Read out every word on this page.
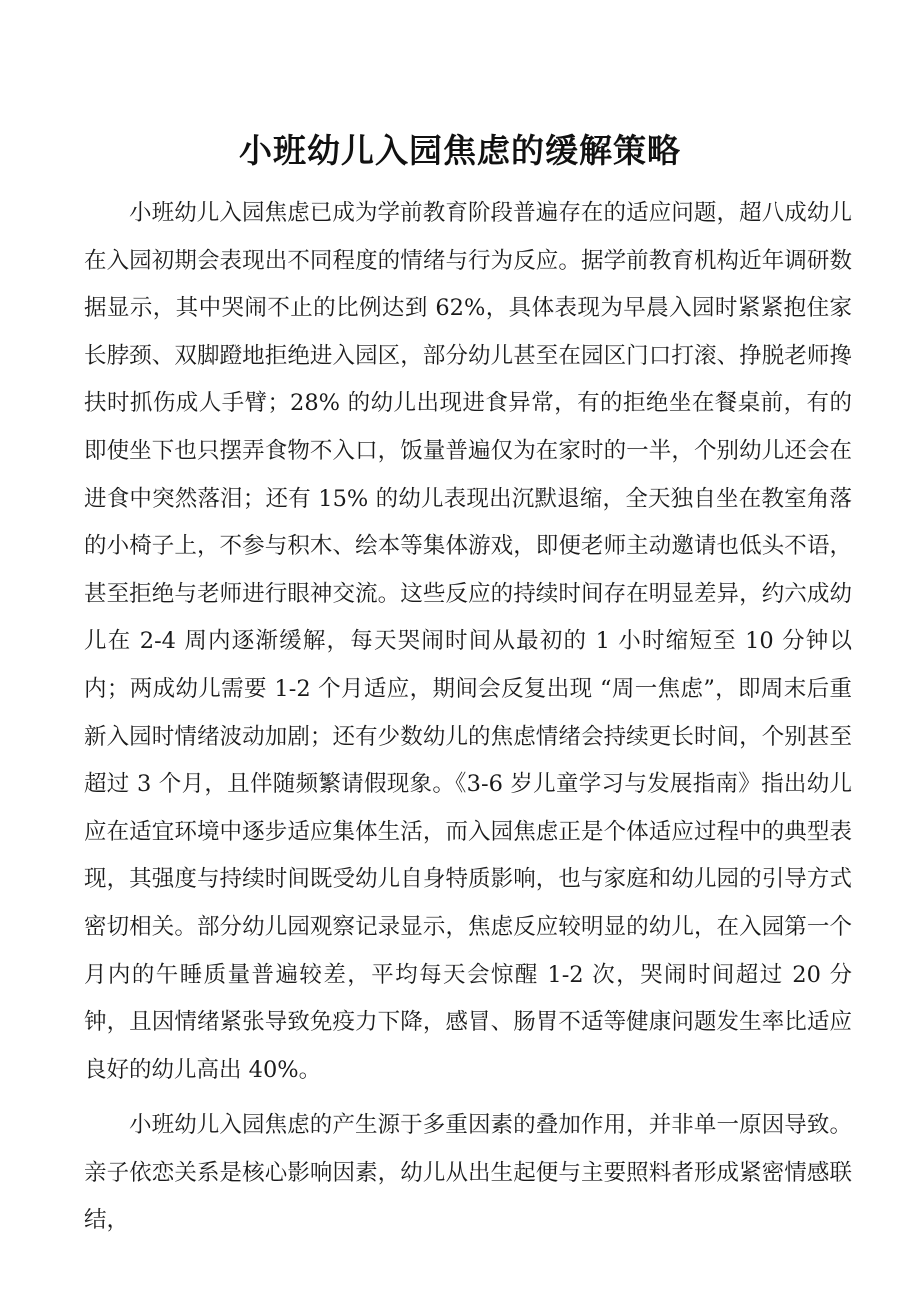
小班幼儿入园焦虑的缓解策略

小班幼儿入园焦虑已成为学前教育阶段普遍存在的适应问题，超八成幼儿在入园初期会表现出不同程度的情绪与行为反应。据学前教育机构近年调研数据显示，其中哭闹不止的比例达到 62%，具体表现为早晨入园时紧紧抱住家长脖颈、双脚蹬地拒绝进入园区，部分幼儿甚至在园区门口打滚、挣脱老师搀扶时抓伤成人手臂；28% 的幼儿出现进食异常，有的拒绝坐在餐桌前，有的即使坐下也只摆弄食物不入口，饭量普遍仅为在家时的一半，个别幼儿还会在进食中突然落泪；还有 15% 的幼儿表现出沉默退缩，全天独自坐在教室角落的小椅子上，不参与积木、绘本等集体游戏，即便老师主动邀请也低头不语，甚至拒绝与老师进行眼神交流。这些反应的持续时间存在明显差异，约六成幼儿在 2-4 周内逐渐缓解，每天哭闹时间从最初的 1 小时缩短至 10 分钟以内；两成幼儿需要 1-2 个月适应，期间会反复出现 “周一焦虑”，即周末后重新入园时情绪波动加剧；还有少数幼儿的焦虑情绪会持续更长时间，个别甚至超过 3 个月，且伴随频繁请假现象。《3-6 岁儿童学习与发展指南》指出幼儿应在适宜环境中逐步适应集体生活，而入园焦虑正是个体适应过程中的典型表现，其强度与持续时间既受幼儿自身特质影响，也与家庭和幼儿园的引导方式密切相关。部分幼儿园观察记录显示，焦虑反应较明显的幼儿，在入园第一个月内的午睡质量普遍较差，平均每天会惊醒 1-2 次，哭闹时间超过 20 分钟，且因情绪紧张导致免疫力下降，感冒、肠胃不适等健康问题发生率比适应良好的幼儿高出 40%。

小班幼儿入园焦虑的产生源于多重因素的叠加作用，并非单一原因导致。亲子依恋关系是核心影响因素，幼儿从出生起便与主要照料者形成紧密情感联结，
